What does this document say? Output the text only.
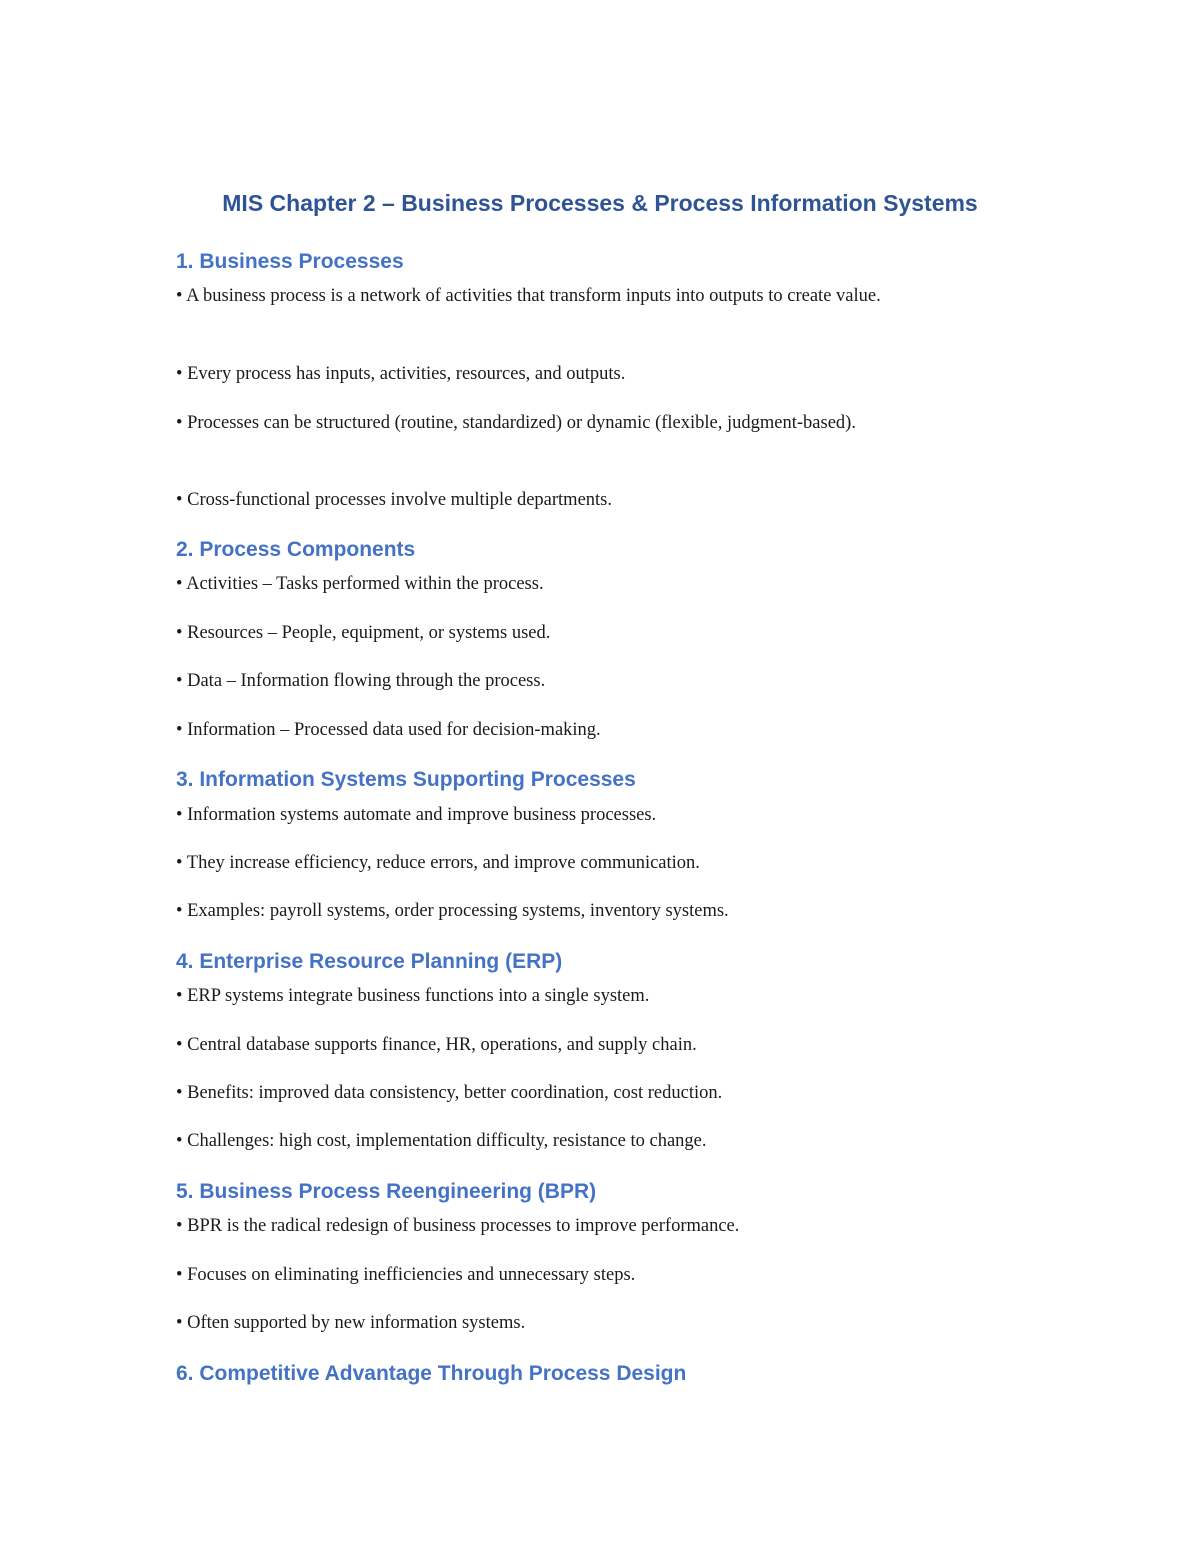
MIS Chapter 2 – Business Processes & Process Information Systems
1. Business Processes
• A business process is a network of activities that transform inputs into outputs to create value.
• Every process has inputs, activities, resources, and outputs.
• Processes can be structured (routine, standardized) or dynamic (flexible, judgment-based).
• Cross-functional processes involve multiple departments.
2. Process Components
• Activities – Tasks performed within the process.
• Resources – People, equipment, or systems used.
• Data – Information flowing through the process.
• Information – Processed data used for decision-making.
3. Information Systems Supporting Processes
• Information systems automate and improve business processes.
• They increase efficiency, reduce errors, and improve communication.
• Examples: payroll systems, order processing systems, inventory systems.
4. Enterprise Resource Planning (ERP)
• ERP systems integrate business functions into a single system.
• Central database supports finance, HR, operations, and supply chain.
• Benefits: improved data consistency, better coordination, cost reduction.
• Challenges: high cost, implementation difficulty, resistance to change.
5. Business Process Reengineering (BPR)
• BPR is the radical redesign of business processes to improve performance.
• Focuses on eliminating inefficiencies and unnecessary steps.
• Often supported by new information systems.
6. Competitive Advantage Through Process Design
